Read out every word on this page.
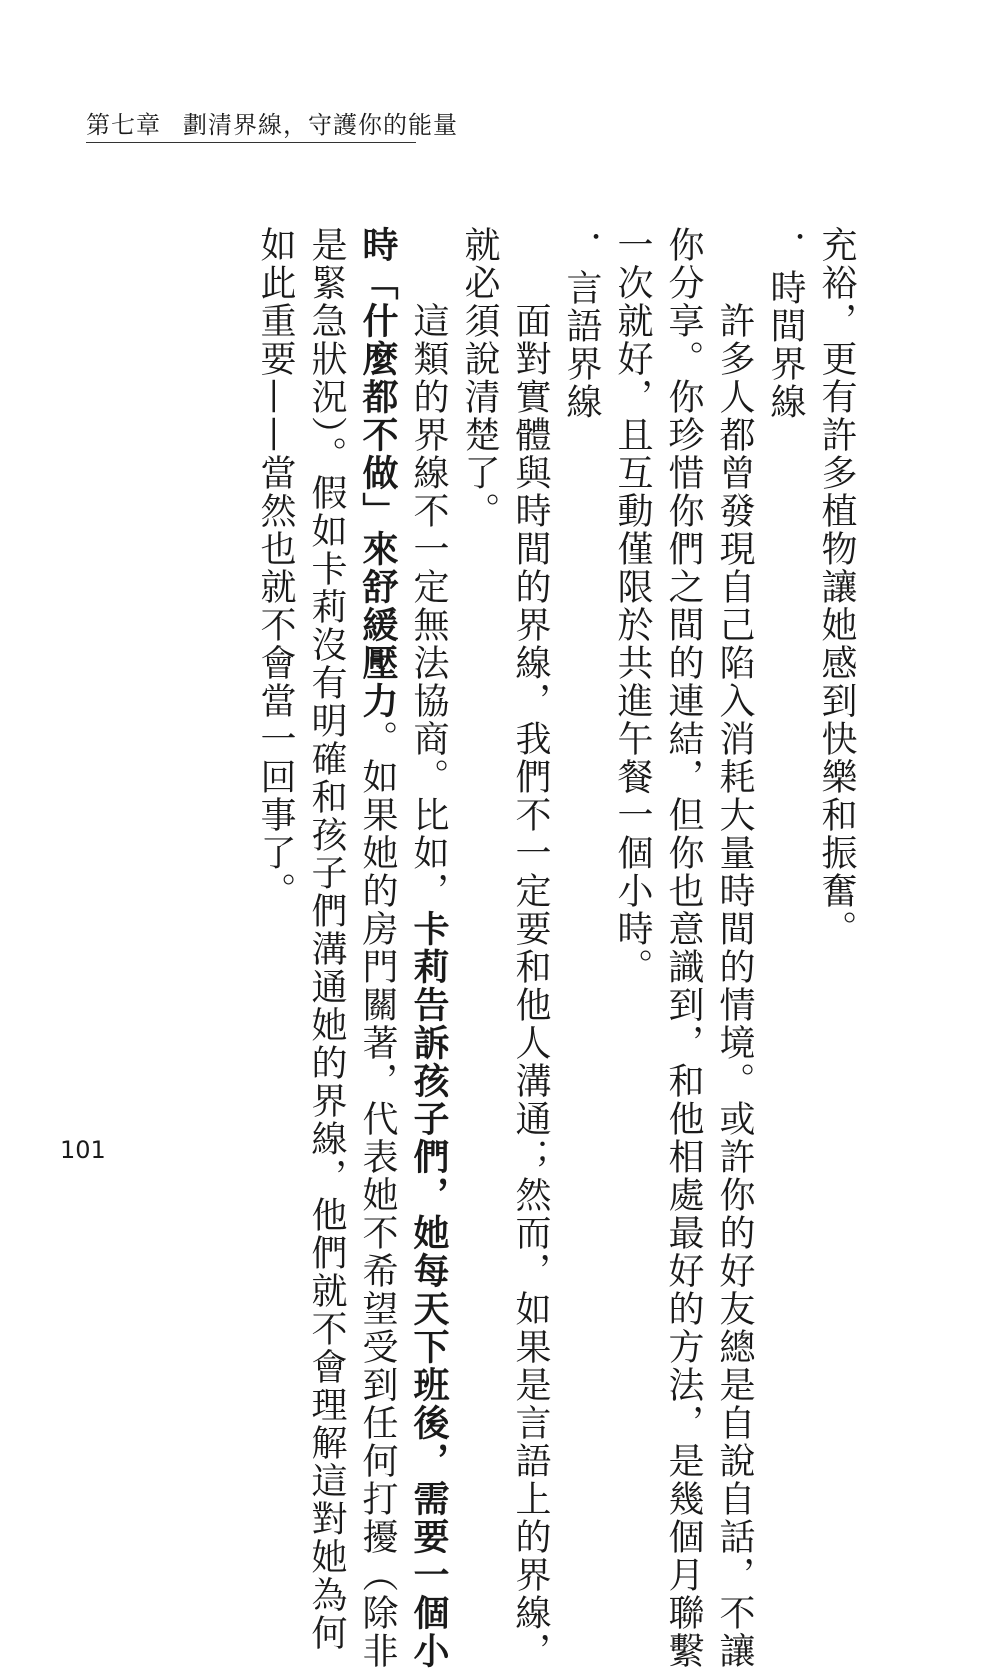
第七章 劃清界線，守護你的能量
充裕，更有許多植物讓她感到快樂和振奮。
．時間界線
　　許多人都曾發現自己陷入消耗大量時間的情境。或許你的好友總是自說自話，不讓
你分享。你珍惜你們之間的連結，但你也意識到，和他相處最好的方法，是幾個月聯繫
一次就好，且互動僅限於共進午餐一個小時。
．言語界線
　　面對實體與時間的界線，我們不一定要和他人溝通；然而，如果是言語上的界線，
就必須說清楚了。
　　這類的界線不一定無法協商。比如，卡莉告訴孩子們，她每天下班後，需要一個小
時「什麼都不做」來舒緩壓力。如果她的房門關著，代表她不希望受到任何打擾（除非
是緊急狀況）。假如卡莉沒有明確和孩子們溝通她的界線，他們就不會理解這對她為何
如此重要——當然也就不會當一回事了。
101
